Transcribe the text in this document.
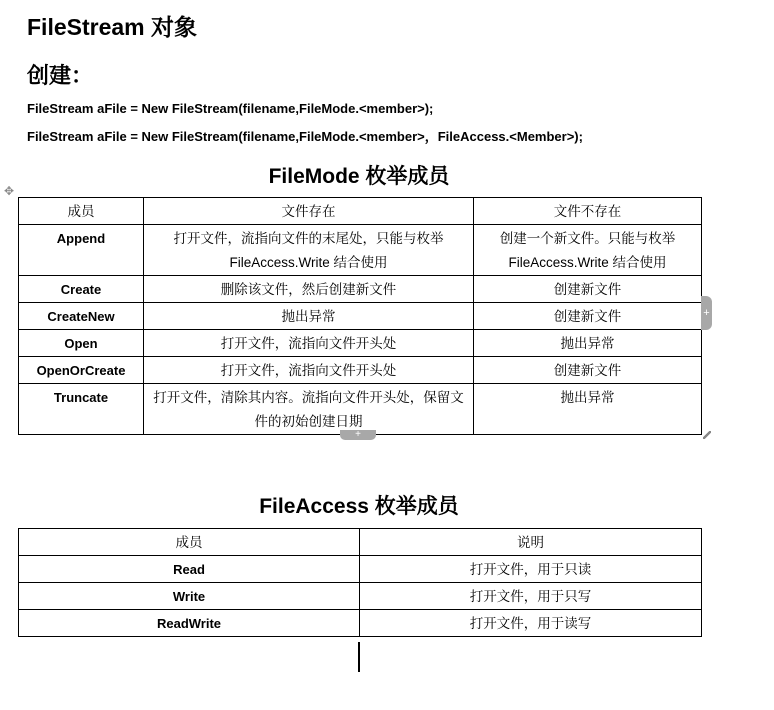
FileStream 对象
创建：
FileStream aFile = New FileStream(filename,FileMode.<member>);
FileStream aFile = New FileStream(filename,FileMode.<member>，FileAccess.<Member>);
FileMode 枚举成员
✥
成员	文件存在	文件不存在
Append	打开文件，流指向文件的末尾处，只能与枚举 FileAccess.Write 结合使用	创建一个新文件。只能与枚举 FileAccess.Write 结合使用
Create	删除该文件，然后创建新文件	创建新文件
CreateNew	抛出异常	创建新文件
Open	打开文件，流指向文件开头处	抛出异常
OpenOrCreate	打开文件，流指向文件开头处	创建新文件
Truncate	打开文件，清除其内容。流指向文件开头处，保留文件的初始创建日期	抛出异常
+
+
FileAccess 枚举成员
成员	说明
Read	打开文件，用于只读
Write	打开文件，用于只写
ReadWrite	打开文件，用于读写
